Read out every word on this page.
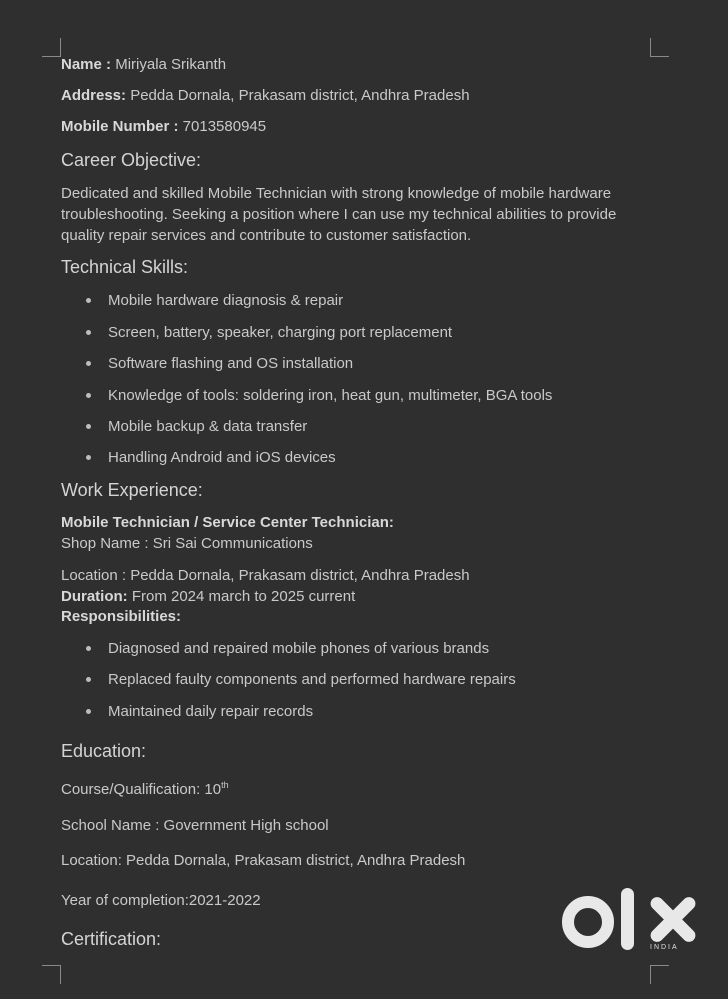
Name : Miriyala Srikanth
Address: Pedda Dornala, Prakasam district, Andhra Pradesh
Mobile Number : 7013580945
Career Objective:
Dedicated and skilled Mobile Technician with strong knowledge of mobile hardware troubleshooting. Seeking a position where I can use my technical abilities to provide quality repair services and contribute to customer satisfaction.
Technical Skills:
Mobile hardware diagnosis & repair
Screen, battery, speaker, charging port replacement
Software flashing and OS installation
Knowledge of tools: soldering iron, heat gun, multimeter, BGA tools
Mobile backup & data transfer
Handling Android and iOS devices
Work Experience:
Mobile Technician / Service Center Technician:
Shop Name : Sri Sai Communications
Location : Pedda Dornala, Prakasam district, Andhra Pradesh
Duration: From 2024 march to 2025 current
Responsibilities:
Diagnosed and repaired mobile phones of various brands
Replaced faulty components and performed hardware repairs
Maintained daily repair records
Education:
Course/Qualification: 10th
School Name : Government High school
Location: Pedda Dornala, Prakasam district, Andhra Pradesh
Year of completion:2021-2022
Certification:	INDIA
